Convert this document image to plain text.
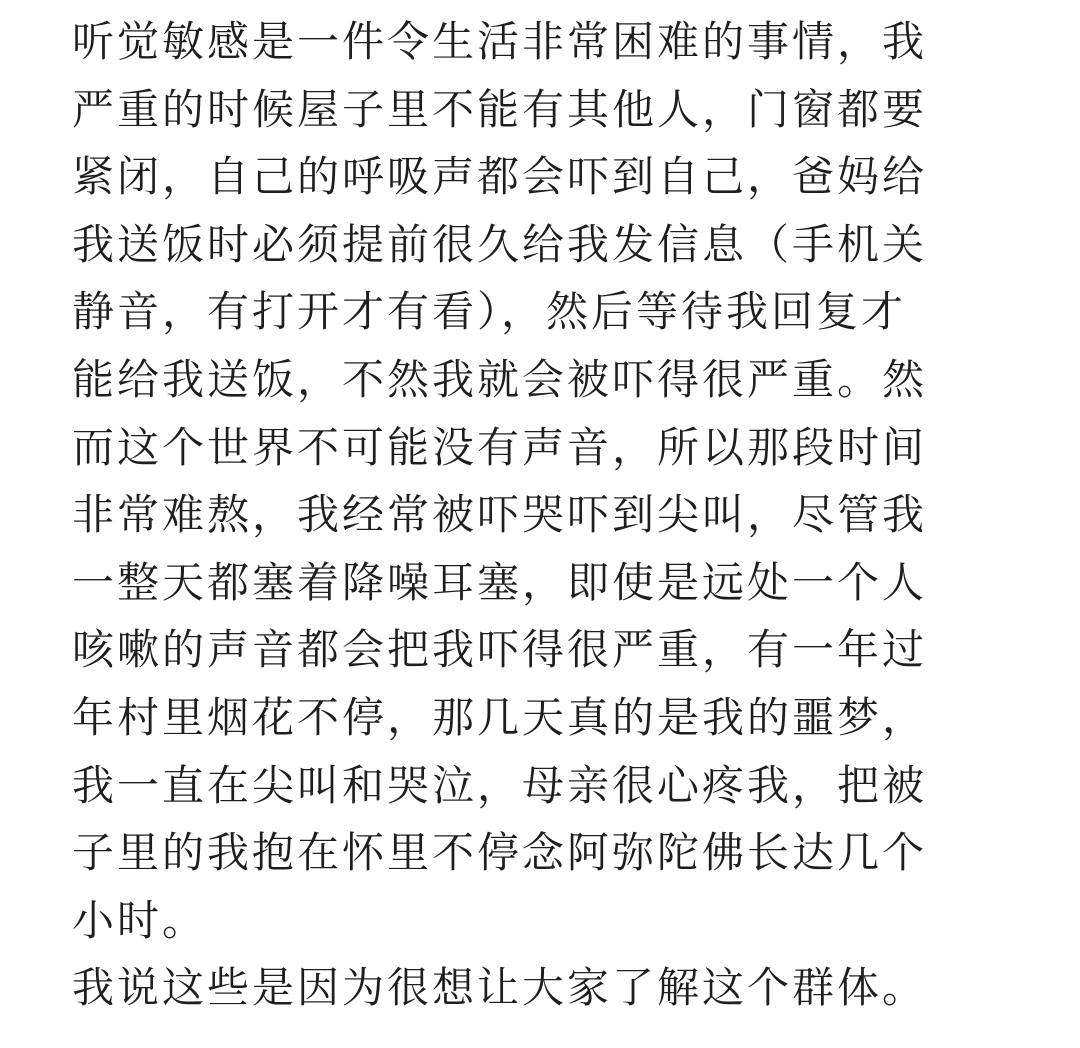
听觉敏感是一件令生活非常困难的事情，我
严重的时候屋子里不能有其他人，门窗都要
紧闭，自己的呼吸声都会吓到自己，爸妈给
我送饭时必须提前很久给我发信息（手机关
静音，有打开才有看），然后等待我回复才
能给我送饭，不然我就会被吓得很严重。然
而这个世界不可能没有声音，所以那段时间
非常难熬，我经常被吓哭吓到尖叫，尽管我
一整天都塞着降噪耳塞，即使是远处一个人
咳嗽的声音都会把我吓得很严重，有一年过
年村里烟花不停，那几天真的是我的噩梦，
我一直在尖叫和哭泣，母亲很心疼我，把被
子里的我抱在怀里不停念阿弥陀佛长达几个
小时。
我说这些是因为很想让大家了解这个群体。
